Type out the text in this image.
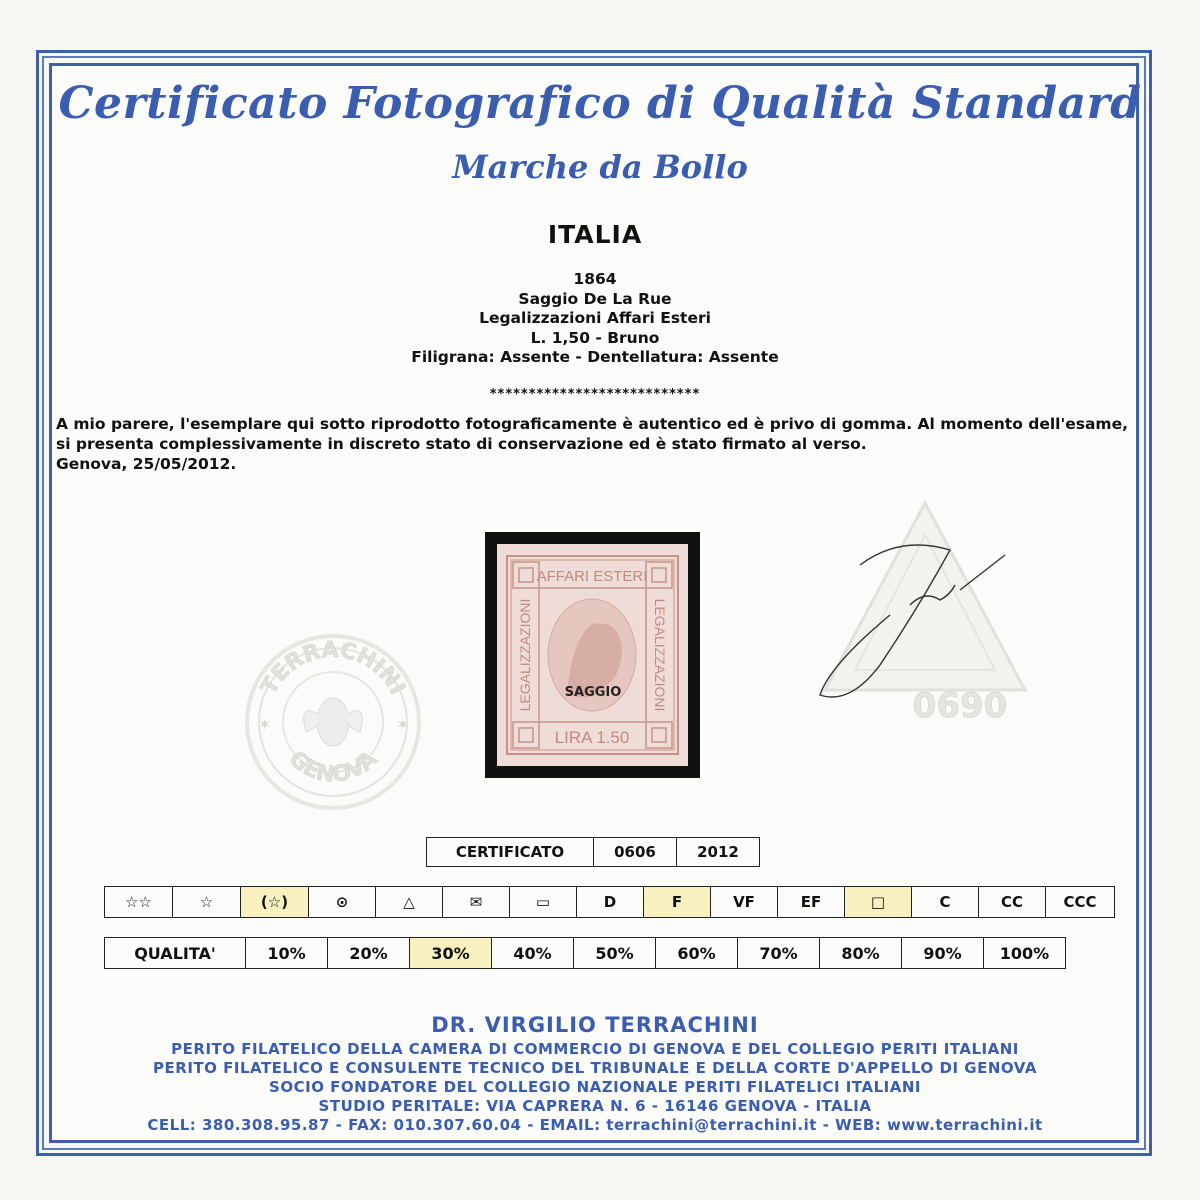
Certificato Fotografico di Qualità Standard
Marche da Bollo
ITALIA
1864
Saggio De La Rue
Legalizzazioni Affari Esteri
L. 1,50 - Bruno
Filigrana: Assente - Dentellatura: Assente
***************************
A mio parere, l'esemplare qui sotto riprodotto fotograficamente è autentico ed è privo di gomma. Al momento dell'esame, si presenta complessivamente in discreto stato di conservazione ed è stato firmato al verso.
Genova, 25/05/2012.
AFFARI ESTERI
LIRA 1.50
LEGALIZZAZIONI	LEGALIZZAZIONI
SAGGIO
TERRACHINI
GENOVA
✶	✶	0690
CERTIFICATO	0606	2012
☆☆	☆	(☆)	⊙	△	✉	▭	D	F	VF	EF	□	C	CC	CCC
QUALITA'	10%	20%	30%	40%	50%	60%	70%	80%	90%	100%
DR. VIRGILIO TERRACHINI
PERITO FILATELICO DELLA CAMERA DI COMMERCIO DI GENOVA E DEL COLLEGIO PERITI ITALIANI
PERITO FILATELICO E CONSULENTE TECNICO DEL TRIBUNALE E DELLA CORTE D'APPELLO DI GENOVA
SOCIO FONDATORE DEL COLLEGIO NAZIONALE PERITI FILATELICI ITALIANI
STUDIO PERITALE: VIA CAPRERA N. 6 - 16146 GENOVA - ITALIA
CELL: 380.308.95.87 - FAX: 010.307.60.04 - EMAIL: terrachini@terrachini.it - WEB: www.terrachini.it
